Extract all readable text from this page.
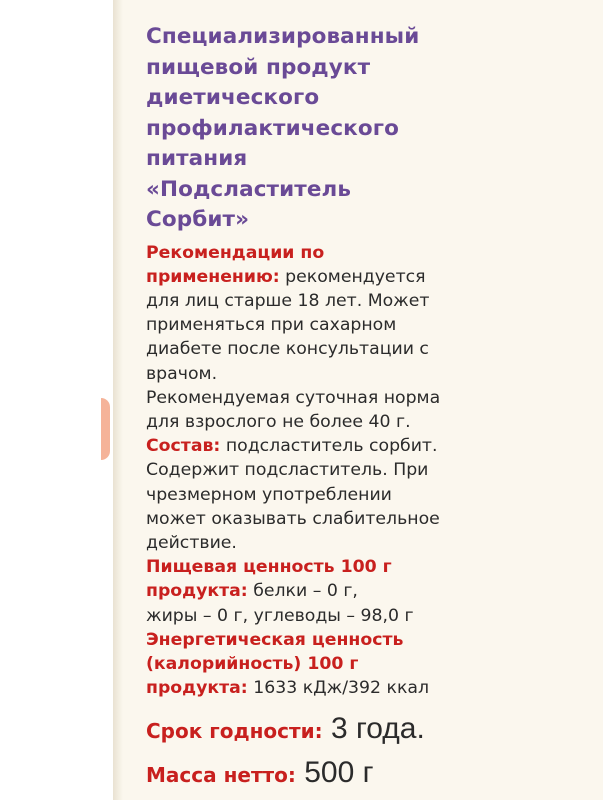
Специализированный
пищевой продукт
диетического
профилактического
питания
«Подсластитель
Сорбит»
Рекомендации по
применению: рекомендуется
для лиц старше 18 лет. Может
применяться при сахарном
диабете после консультации с
врачом.
Рекомендуемая суточная норма
для взрослого не более 40 г.
Состав: подсластитель сорбит.
Содержит подсластитель. При
чрезмерном употреблении
может оказывать слабительное
действие.
Пищевая ценность 100 г
продукта: белки – 0 г,
жиры – 0 г, углеводы – 98,0 г
Энергетическая ценность
(калорийность) 100 г
продукта: 1633 кДж/392 ккал
Срок годности: 3 года.
Масса нетто: 500 г
